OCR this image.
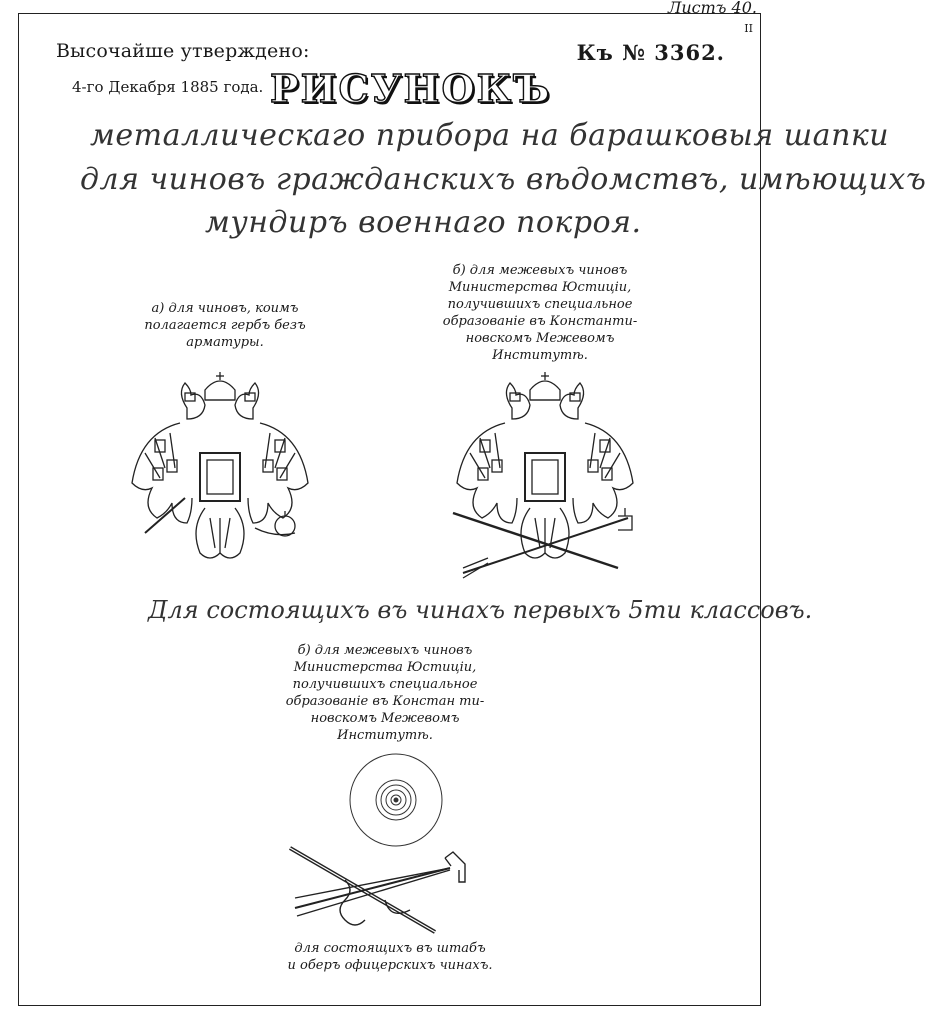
Листъ 40.
II
Высочайше утверждено:
4-го Декабря 1885 года.
Къ № 3362.
РИСУНОКЪ
металлическаго прибора на барашковыя шапки
для чиновъ гражданскихъ вѣдомствъ, имѣющихъ
мундиръ военнаго покроя.
а) для чиновъ, коимъ
полагается гербъ безъ
арматуры.
б) для межевыхъ чиновъ
Министерства Юстиціи,
получившихъ специальное
образованіе въ Константи-
новскомъ Межевомъ
Институтѣ.
Для состоящихъ въ чинахъ первыхъ 5ти классовъ.
б) для межевыхъ чиновъ
Министерства Юстиціи,
получившихъ специальное
образованіе въ Констан ти-
новскомъ Межевомъ
Институтѣ.
для состоящихъ въ штабъ
и оберъ офицерскихъ чинахъ.
